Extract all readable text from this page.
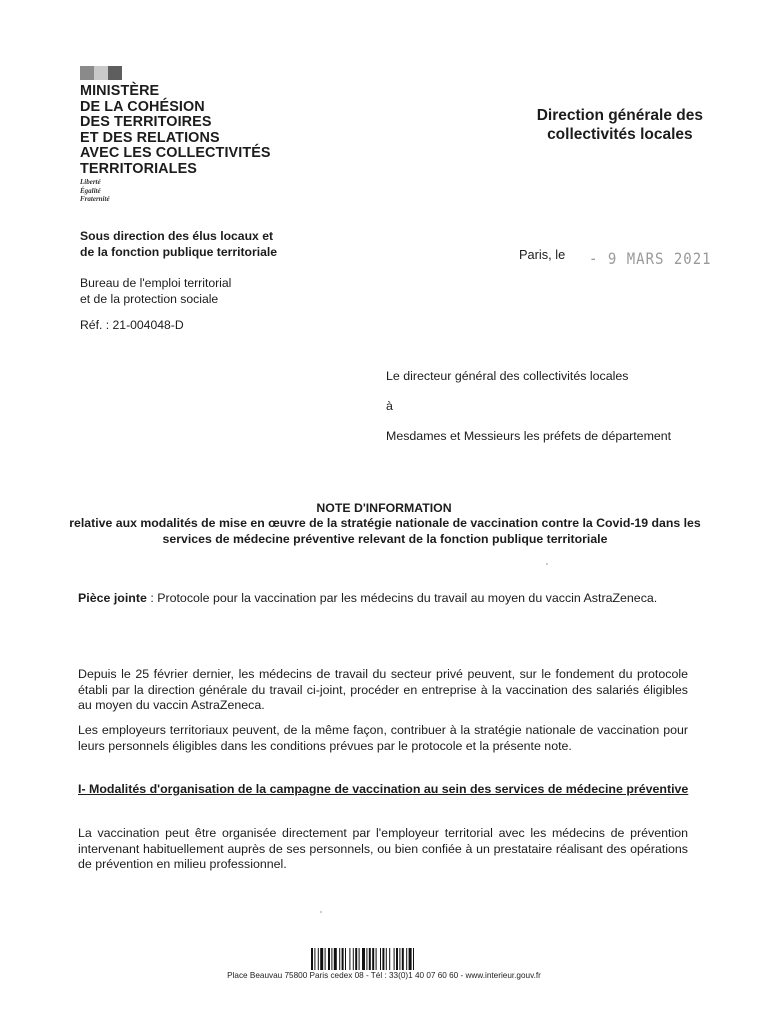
MINISTÈRE
DE LA COHÉSION
DES TERRITOIRES
ET DES RELATIONS
AVEC LES COLLECTIVITÉS
TERRITORIALES
Liberté
Égalité
Fraternité
Direction générale des
collectivités locales
Sous direction des élus locaux et
de la fonction publique territoriale
Bureau de l'emploi territorial
et de la protection sociale
Réf. : 21-004048-D
Paris, le - 9 MARS 2021
Le directeur général des collectivités locales
à
Mesdames et Messieurs les préfets de département
NOTE D'INFORMATION
relative aux modalités de mise en œuvre de la stratégie nationale de vaccination contre la Covid-19 dans les services de médecine préventive relevant de la fonction publique territoriale
Pièce jointe : Protocole pour la vaccination par les médecins du travail au moyen du vaccin AstraZeneca.
Depuis le 25 février dernier, les médecins de travail du secteur privé peuvent, sur le fondement du protocole établi par la direction générale du travail ci-joint, procéder en entreprise à la vaccination des salariés éligibles au moyen du vaccin AstraZeneca.
Les employeurs territoriaux peuvent, de la même façon, contribuer à la stratégie nationale de vaccination pour leurs personnels éligibles dans les conditions prévues par le protocole et la présente note.
I- Modalités d'organisation de la campagne de vaccination au sein des services de médecine préventive
La vaccination peut être organisée directement par l'employeur territorial avec les médecins de prévention intervenant habituellement auprès de ses personnels, ou bien confiée à un prestataire réalisant des opérations de prévention en milieu professionnel.
Place Beauvau 75800 Paris cedex 08 - Tél : 33(0)1 40 07 60 60 - www.interieur.gouv.fr
